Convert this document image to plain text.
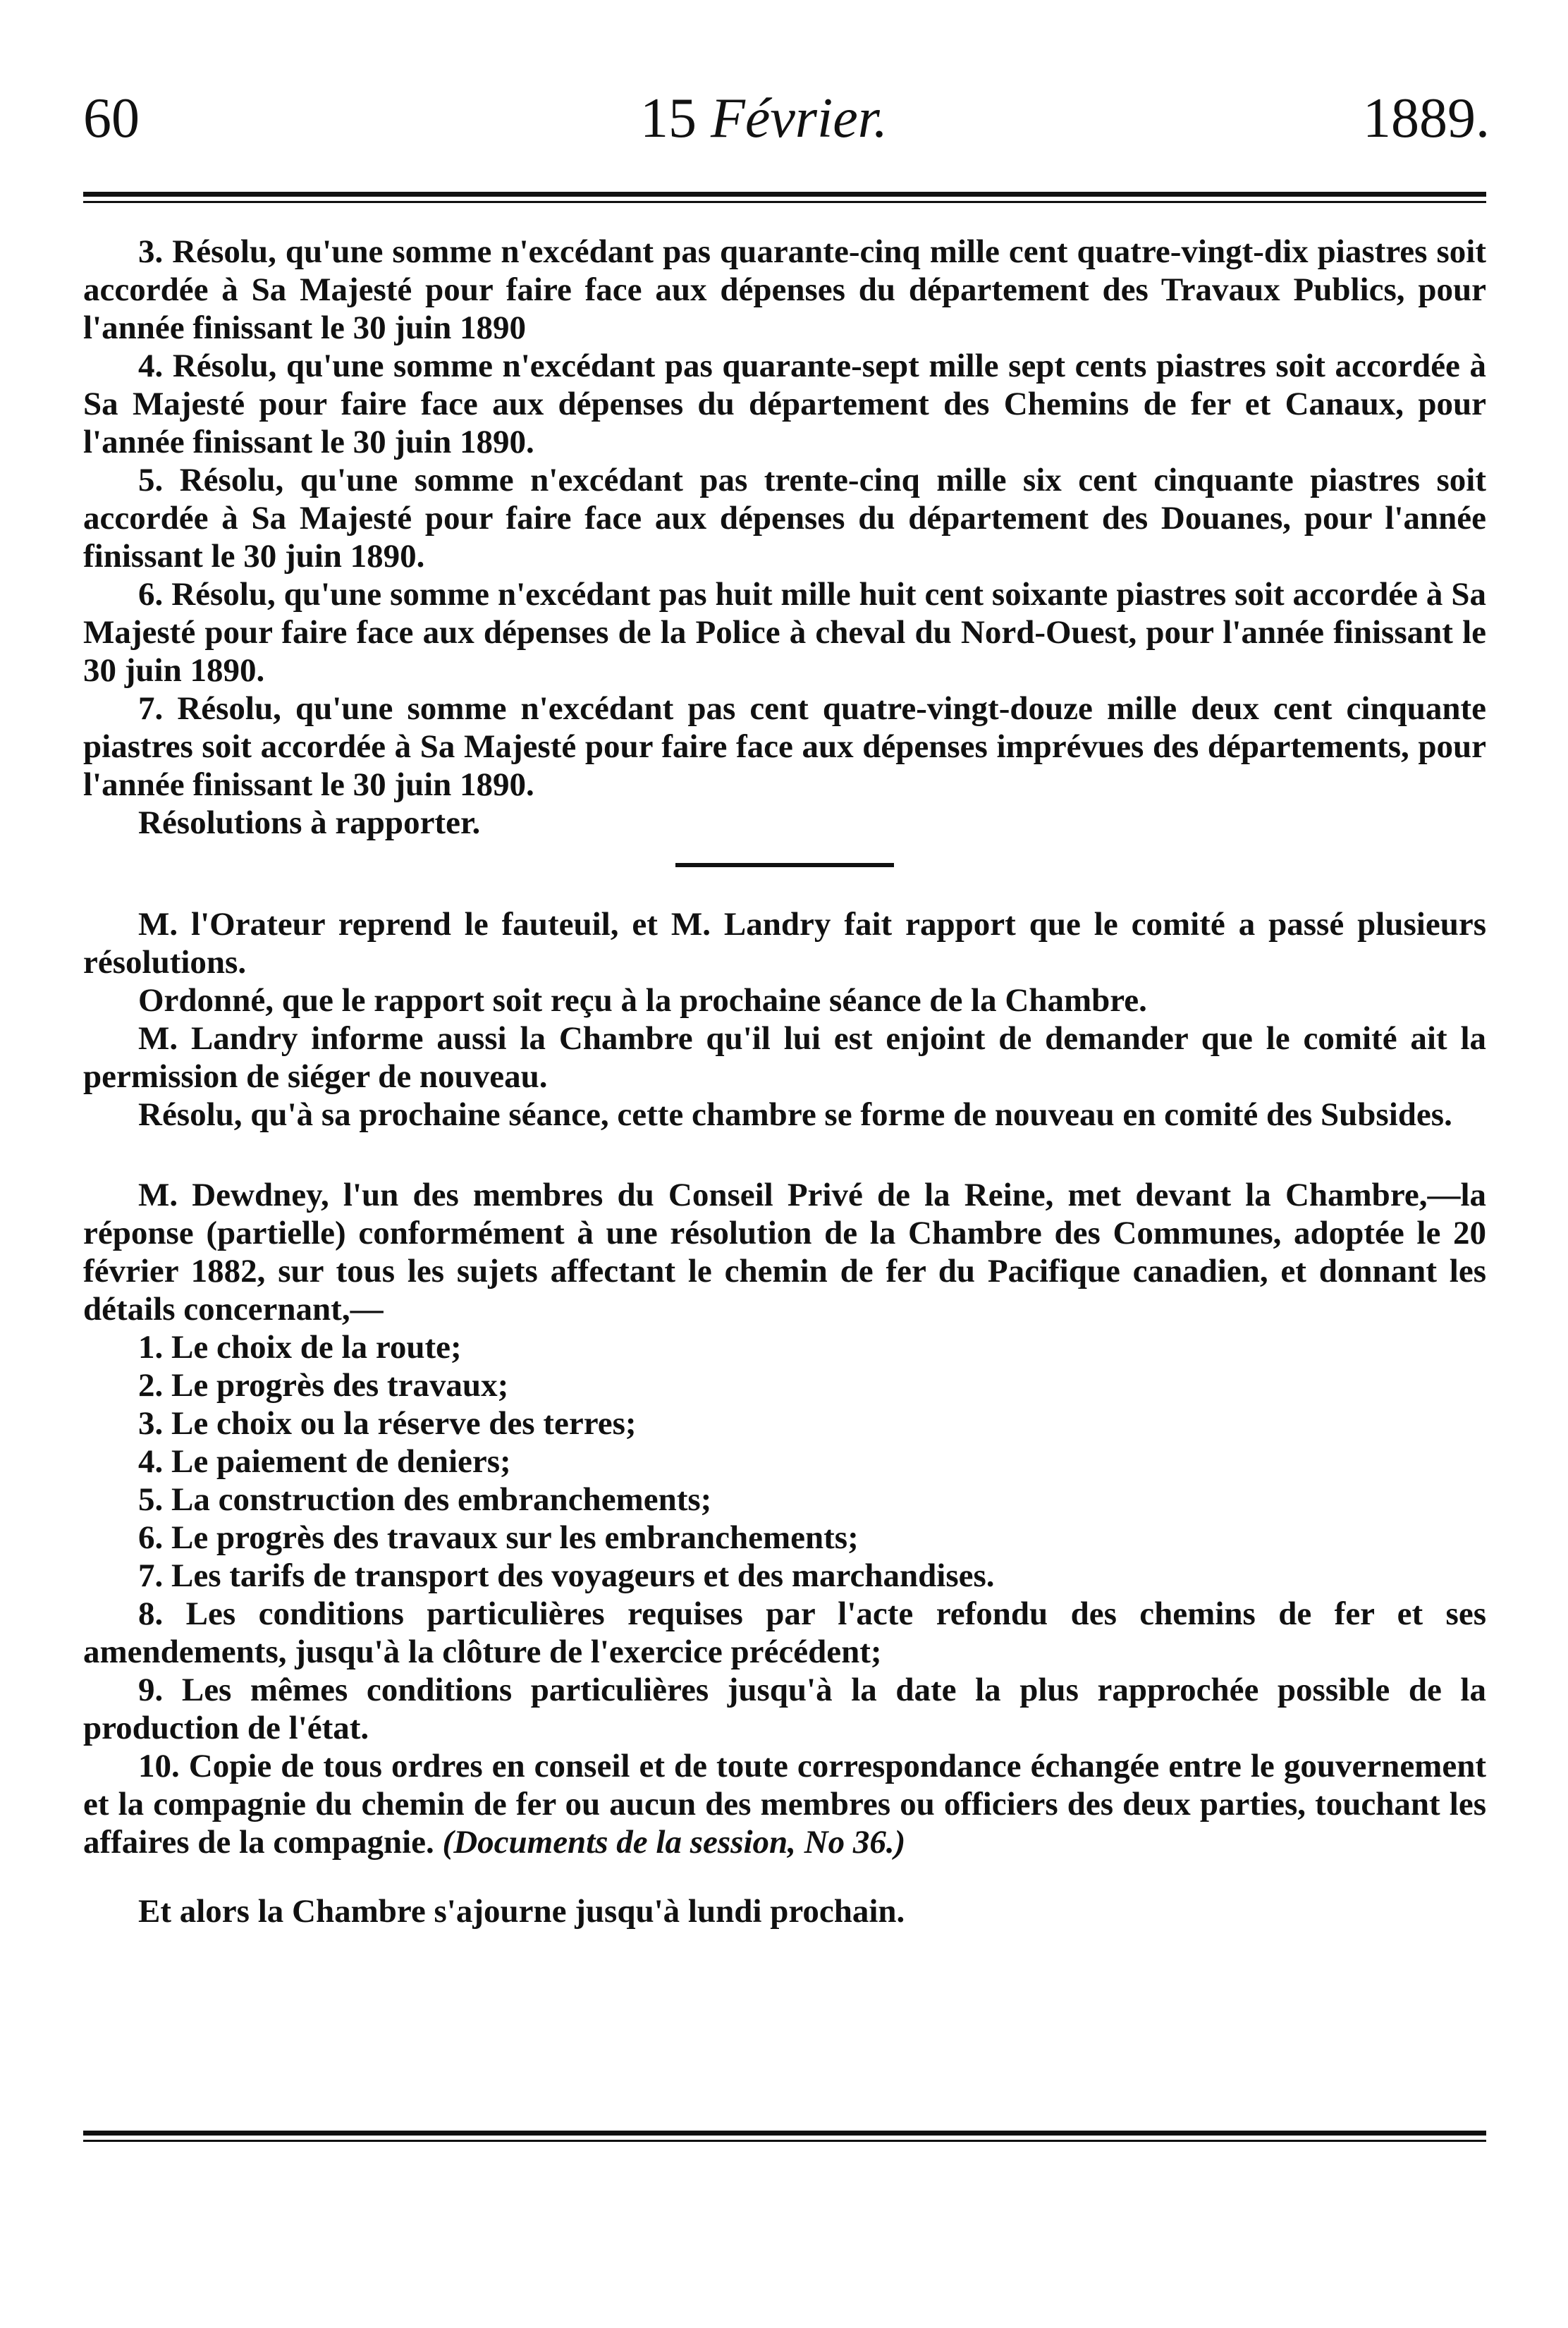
60	15 Février.	1889.

3. Résolu, qu'une somme n'excédant pas quarante-cinq mille cent quatre-vingt-dix piastres soit accordée à Sa Majesté pour faire face aux dépenses du département des Travaux Publics, pour l'année finissant le 30 juin 1890

4. Résolu, qu'une somme n'excédant pas quarante-sept mille sept cents piastres soit accordée à Sa Majesté pour faire face aux dépenses du département des Chemins de fer et Canaux, pour l'année finissant le 30 juin 1890.

5. Résolu, qu'une somme n'excédant pas trente-cinq mille six cent cinquante piastres soit accordée à Sa Majesté pour faire face aux dépenses du département des Douanes, pour l'année finissant le 30 juin 1890.

6. Résolu, qu'une somme n'excédant pas huit mille huit cent soixante piastres soit accordée à Sa Majesté pour faire face aux dépenses de la Police à cheval du Nord-Ouest, pour l'année finissant le 30 juin 1890.

7. Résolu, qu'une somme n'excédant pas cent quatre-vingt-douze mille deux cent cinquante piastres soit accordée à Sa Majesté pour faire face aux dépenses imprévues des départements, pour l'année finissant le 30 juin 1890.

Résolutions à rapporter.

M. l'Orateur reprend le fauteuil, et M. Landry fait rapport que le comité a passé plusieurs résolutions.

Ordonné, que le rapport soit reçu à la prochaine séance de la Chambre.

M. Landry informe aussi la Chambre qu'il lui est enjoint de demander que le comité ait la permission de siéger de nouveau.

Résolu, qu'à sa prochaine séance, cette chambre se forme de nouveau en comité des Subsides.

M. Dewdney, l'un des membres du Conseil Privé de la Reine, met devant la Chambre,—la réponse (partielle) conformément à une résolution de la Chambre des Communes, adoptée le 20 février 1882, sur tous les sujets affectant le chemin de fer du Pacifique canadien, et donnant les détails concernant,—

1. Le choix de la route;

2. Le progrès des travaux;

3. Le choix ou la réserve des terres;

4. Le paiement de deniers;

5. La construction des embranchements;

6. Le progrès des travaux sur les embranchements;

7. Les tarifs de transport des voyageurs et des marchandises.

8. Les conditions particulières requises par l'acte refondu des chemins de fer et ses amendements, jusqu'à la clôture de l'exercice précédent;

9. Les mêmes conditions particulières jusqu'à la date la plus rapprochée possible de la production de l'état.

10. Copie de tous ordres en conseil et de toute correspondance échangée entre le gouvernement et la compagnie du chemin de fer ou aucun des membres ou officiers des deux parties, touchant les affaires de la compagnie. (Documents de la session, No 36.)

Et alors la Chambre s'ajourne jusqu'à lundi prochain.
